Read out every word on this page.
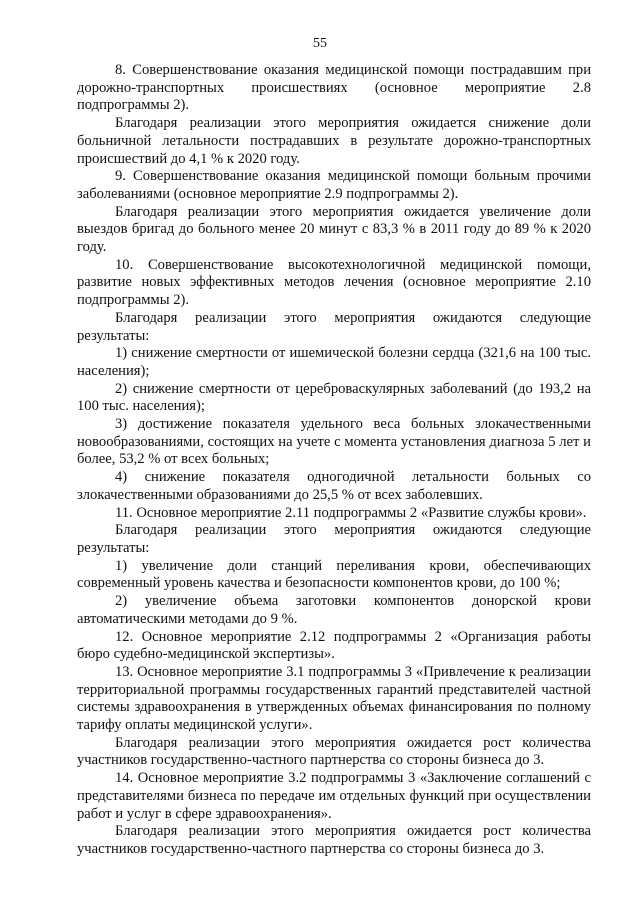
55

8. Совершенствование оказания медицинской помощи пострадавшим при дорожно-транспортных происшествиях (основное мероприятие 2.8 подпрограммы 2).

Благодаря реализации этого мероприятия ожидается снижение доли больничной летальности пострадавших в результате дорожно-транспортных происшествий до 4,1 % к 2020 году.

9. Совершенствование оказания медицинской помощи больным прочими заболеваниями (основное мероприятие 2.9 подпрограммы 2).

Благодаря реализации этого мероприятия ожидается увеличение доли выездов бригад до больного менее 20 минут с 83,3 % в 2011 году до 89 % к 2020 году.

10. Совершенствование высокотехнологичной медицинской помощи, развитие новых эффективных методов лечения (основное мероприятие 2.10 подпрограммы 2).

Благодаря реализации этого мероприятия ожидаются следующие результаты:

1) снижение смертности от ишемической болезни сердца (321,6 на 100 тыс. населения);

2) снижение смертности от цереброваскулярных заболеваний (до 193,2 на 100 тыс. населения);

3) достижение показателя удельного веса больных злокачественными новообразованиями, состоящих на учете с момента установления диагноза 5 лет и более, 53,2 % от всех больных;

4) снижение показателя одногодичной летальности больных со злокачественными образованиями до 25,5 % от всех заболевших.

11. Основное мероприятие 2.11 подпрограммы 2 «Развитие службы крови».

Благодаря реализации этого мероприятия ожидаются следующие результаты:

1) увеличение доли станций переливания крови, обеспечивающих современный уровень качества и безопасности компонентов крови, до 100 %;

2) увеличение объема заготовки компонентов донорской крови автоматическими методами до 9 %.

12. Основное мероприятие 2.12 подпрограммы 2 «Организация работы бюро судебно-медицинской экспертизы».

13. Основное мероприятие 3.1 подпрограммы 3 «Привлечение к реализации территориальной программы государственных гарантий представителей частной системы здравоохранения в утвержденных объемах финансирования по полному тарифу оплаты медицинской услуги».

Благодаря реализации этого мероприятия ожидается рост количества участников государственно-частного партнерства со стороны бизнеса до 3.

14. Основное мероприятие 3.2 подпрограммы 3 «Заключение соглашений с представителями бизнеса по передаче им отдельных функций при осуществлении работ и услуг в сфере здравоохранения».

Благодаря реализации этого мероприятия ожидается рост количества участников государственно-частного партнерства со стороны бизнеса до 3.
